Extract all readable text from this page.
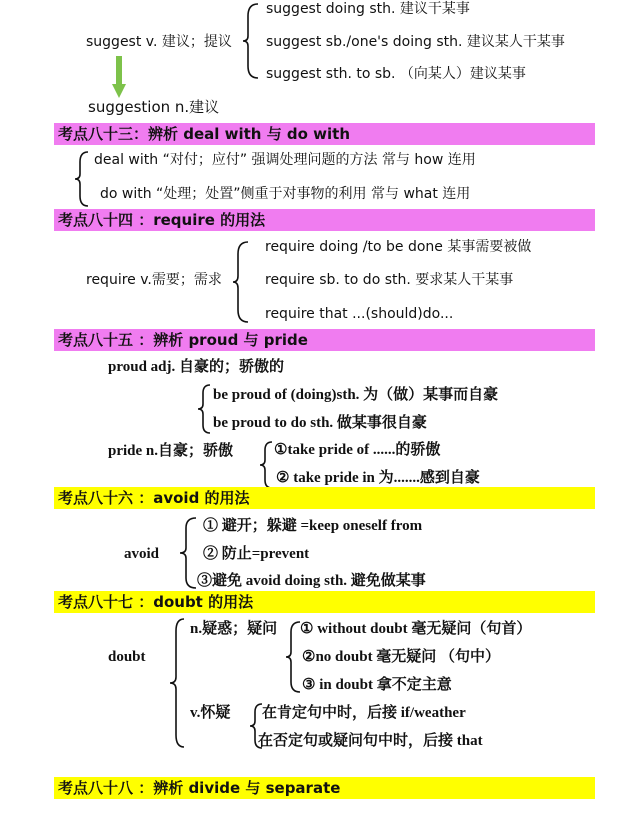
suggest v. 建议；提议
suggest doing sth. 建议干某事
suggest sb./one's doing sth. 建议某人干某事
suggest sth. to sb. （向某人）建议某事
suggestion n.建议
考点八十三：辨析 deal with 与 do with
deal with “对付；应付” 强调处理问题的方法 常与 how 连用
do with “处理；处置”侧重于对事物的利用 常与 what 连用
考点八十四 ：require 的用法
require v.需要；需求
require doing /to be done 某事需要被做
require sb. to do sth. 要求某人干某事
require that ...(should)do...
考点八十五 ：辨析 proud 与 pride
proud adj. 自豪的；骄傲的
be proud of (doing)sth. 为（做）某事而自豪
be proud to do sth. 做某事很自豪
pride n.自豪；骄傲	①take pride of ......的骄傲
② take pride in 为.......感到自豪
考点八十六 ：avoid 的用法
avoid
① 避开；躲避 =keep oneself from
② 防止=prevent
③避免 avoid doing sth. 避免做某事
考点八十七 ：doubt 的用法
doubt
n.疑惑；疑问 ① without doubt 毫无疑问（句首）
②no doubt 毫无疑问 （句中）
③ in doubt 拿不定主意
v.怀疑 在肯定句中时，后接 if/weather
在否定句或疑问句中时，后接 that
考点八十八 ：辨析 divide 与 separate
